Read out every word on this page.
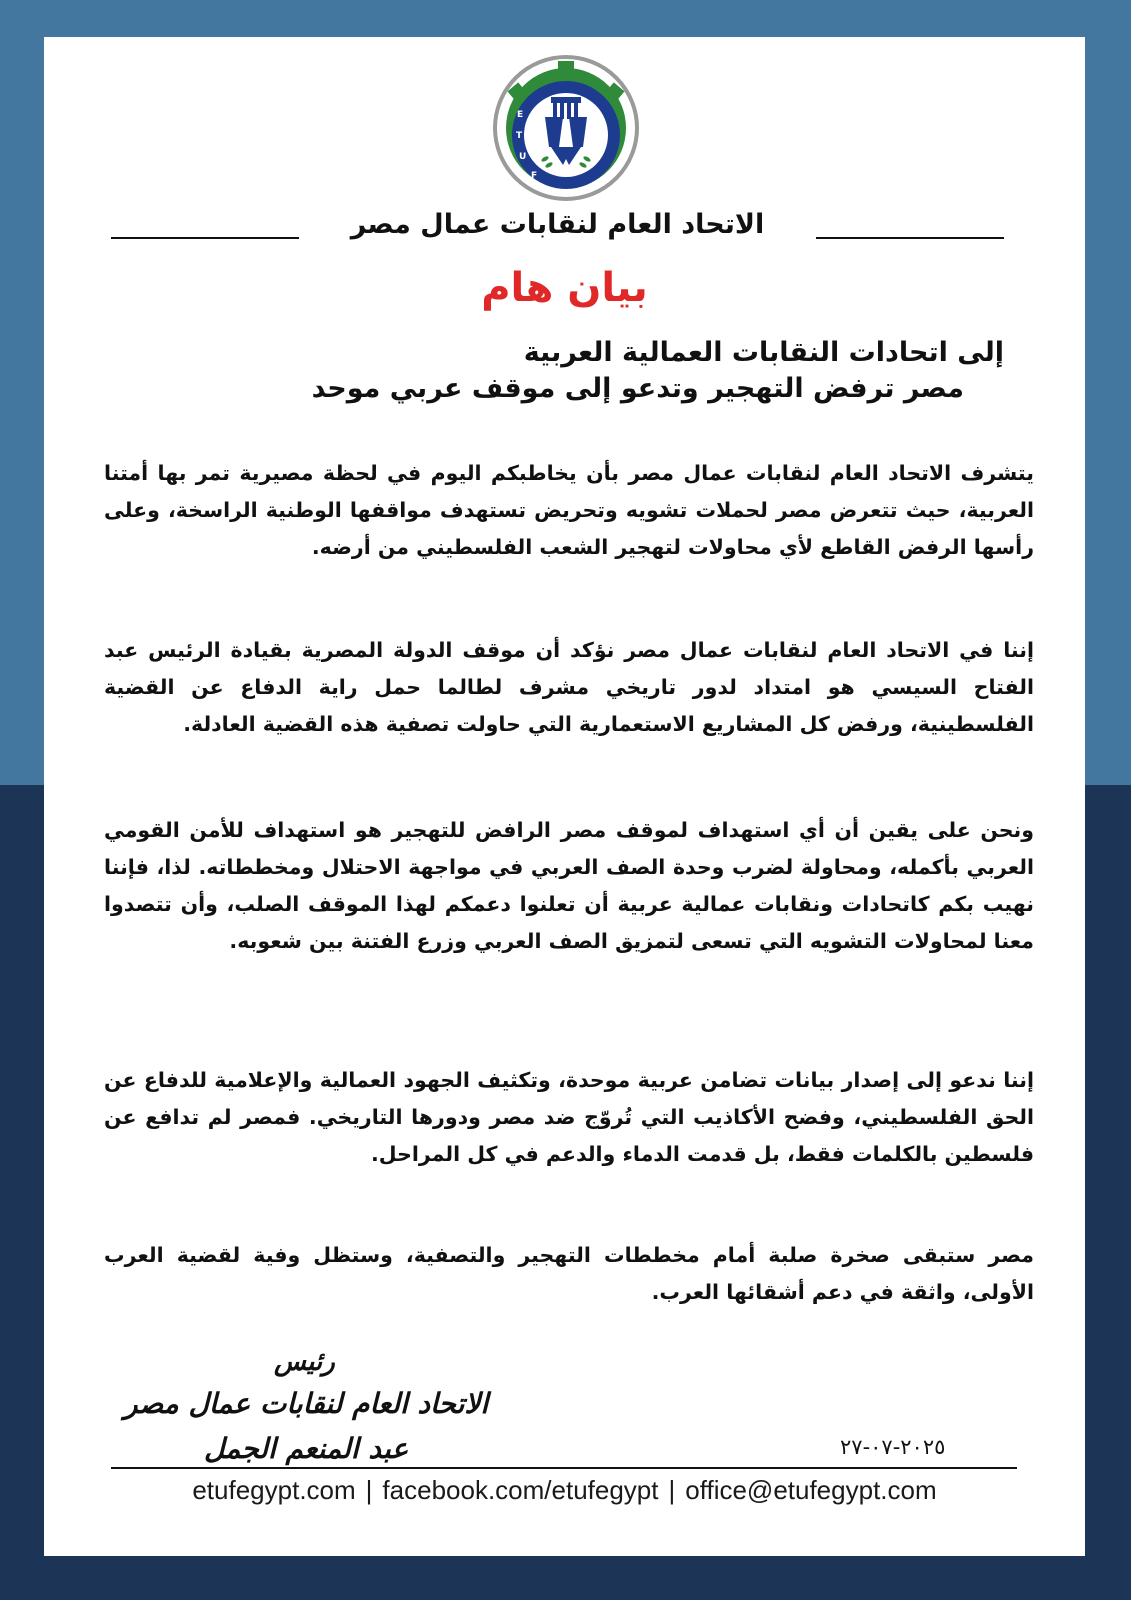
E
T
U
F
الاتحاد العام لنقابات عمال مصر
بيان هام
إلى اتحادات النقابات العمالية العربية
مصر ترفض التهجير وتدعو إلى موقف عربي موحد
يتشرف الاتحاد العام لنقابات عمال مصر بأن يخاطبكم اليوم في لحظة مصيرية تمر بها أمتنا العربية، حيث تتعرض مصر لحملات تشويه وتحريض تستهدف مواقفها الوطنية الراسخة، وعلى رأسها الرفض القاطع لأي محاولات لتهجير الشعب الفلسطيني من أرضه.
إننا في الاتحاد العام لنقابات عمال مصر نؤكد أن موقف الدولة المصرية بقيادة الرئيس عبد الفتاح السيسي هو امتداد لدور تاريخي مشرف لطالما حمل راية الدفاع عن القضية الفلسطينية، ورفض كل المشاريع الاستعمارية التي حاولت تصفية هذه القضية العادلة.
ونحن على يقين أن أي استهداف لموقف مصر الرافض للتهجير هو استهداف للأمن القومي العربي بأكمله، ومحاولة لضرب وحدة الصف العربي في مواجهة الاحتلال ومخططاته. لذا، فإننا نهيب بكم كاتحادات ونقابات عمالية عربية أن تعلنوا دعمكم لهذا الموقف الصلب، وأن تتصدوا معنا لمحاولات التشويه التي تسعى لتمزيق الصف العربي وزرع الفتنة بين شعوبه.
إننا ندعو إلى إصدار بيانات تضامن عربية موحدة، وتكثيف الجهود العمالية والإعلامية للدفاع عن الحق الفلسطيني، وفضح الأكاذيب التي تُروّج ضد مصر ودورها التاريخي. فمصر لم تدافع عن فلسطين بالكلمات فقط، بل قدمت الدماء والدعم في كل المراحل.
مصر ستبقى صخرة صلبة أمام مخططات التهجير والتصفية، وستظل وفية لقضية العرب الأولى، واثقة في دعم أشقائها العرب.
رئيس
الاتحاد العام لنقابات عمال مصر
عبد المنعم الجمل	٢٠٢٥-٠٧-٢٧
etufegypt.com | facebook.com/etufegypt | office@etufegypt.com
